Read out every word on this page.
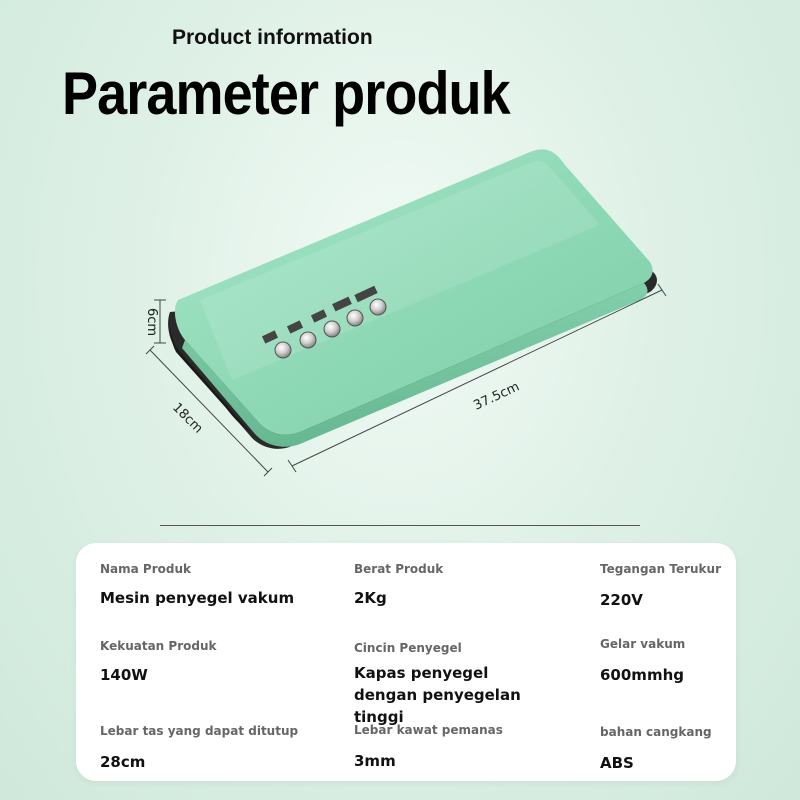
Product information
Parameter produk
6cm
18cm
37.5cm
Nama Produk
Mesin penyegel vakum
Berat Produk
2Kg
Tegangan Terukur
220V
Kekuatan Produk
140W
Cincin Penyegel
Kapas penyegel dengan penyegelan tinggi
Gelar vakum
600mmhg
Lebar tas yang dapat ditutup
28cm
Lebar kawat pemanas
3mm
bahan cangkang
ABS
